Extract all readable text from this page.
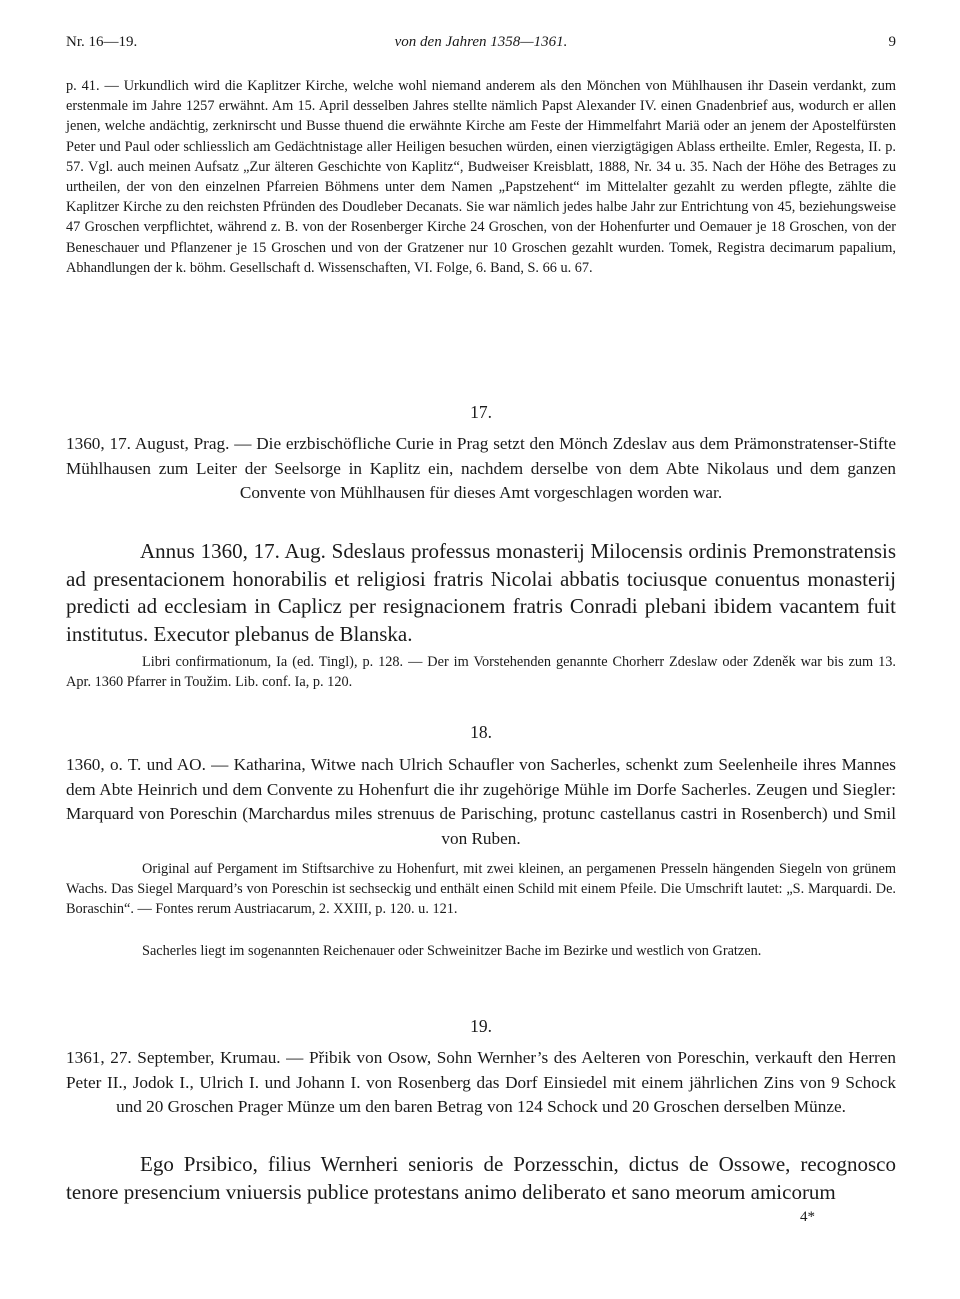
Nr. 16—19.	von den Jahren 1358—1361.	9

p. 41. — Urkundlich wird die Kaplitzer Kirche, welche wohl niemand anderem als den Mönchen von Mühlhausen ihr Dasein verdankt, zum erstenmale im Jahre 1257 erwähnt. Am 15. April desselben Jahres stellte nämlich Papst Alexander IV. einen Gnadenbrief aus, wodurch er allen jenen, welche andächtig, zerknirscht und Busse thuend die erwähnte Kirche am Feste der Himmelfahrt Mariä oder an jenem der Apostelfürsten Peter und Paul oder schliesslich am Gedächtnistage aller Heiligen besuchen würden, einen vierzigtägigen Ablass ertheilte. Emler, Regesta, II. p. 57. Vgl. auch meinen Aufsatz „Zur älteren Geschichte von Kaplitz“, Budweiser Kreisblatt, 1888, Nr. 34 u. 35. Nach der Höhe des Betrages zu urtheilen, der von den einzelnen Pfarreien Böhmens unter dem Namen „Papstzehent“ im Mittelalter gezahlt zu werden pflegte, zählte die Kaplitzer Kirche zu den reichsten Pfründen des Doudleber Decanats. Sie war nämlich jedes halbe Jahr zur Entrichtung von 45, beziehungsweise 47 Groschen verpflichtet, während z. B. von der Rosenberger Kirche 24 Groschen, von der Hohenfurter und Oemauer je 18 Groschen, von der Beneschauer und Pflanzener je 15 Groschen und von der Gratzener nur 10 Groschen gezahlt wurden. Tomek, Registra decimarum papalium, Abhandlungen der k. böhm. Gesellschaft d. Wissenschaften, VI. Folge, 6. Band, S. 66 u. 67.

17.

1360, 17. August, Prag. — Die erzbischöfliche Curie in Prag setzt den Mönch Zdeslav aus dem Prämonstratenser-Stifte Mühlhausen zum Leiter der Seelsorge in Kaplitz ein, nachdem derselbe von dem Abte Nikolaus und dem ganzen Convente von Mühlhausen für dieses Amt vorgeschlagen worden war.

Annus 1360, 17. Aug. Sdeslaus professus monasterij Milocensis ordinis Premonstratensis ad presentacionem honorabilis et religiosi fratris Nicolai abbatis tociusque conuentus monasterij predicti ad ecclesiam in Caplicz per resignacionem fratris Conradi plebani ibidem vacantem fuit institutus. Executor plebanus de Blanska.

Libri confirmationum, Ia (ed. Tingl), p. 128. — Der im Vorstehenden genannte Chorherr Zdeslaw oder Zdeněk war bis zum 13. Apr. 1360 Pfarrer in Toužim. Lib. conf. Ia, p. 120.

18.

1360, o. T. und AO. — Katharina, Witwe nach Ulrich Schaufler von Sacherles, schenkt zum Seelenheile ihres Mannes dem Abte Heinrich und dem Convente zu Hohenfurt die ihr zugehörige Mühle im Dorfe Sacherles. Zeugen und Siegler: Marquard von Poreschin (Marchardus miles strenuus de Parisching, protunc castellanus castri in Rosenberch) und Smil von Ruben.

Original auf Pergament im Stiftsarchive zu Hohenfurt, mit zwei kleinen, an pergamenen Presseln hängenden Siegeln von grünem Wachs. Das Siegel Marquard’s von Poreschin ist sechseckig und enthält einen Schild mit einem Pfeile. Die Umschrift lautet: „S. Marquardi. De. Boraschin“. — Fontes rerum Austriacarum, 2. XXIII, p. 120. u. 121.

Sacherles liegt im sogenannten Reichenauer oder Schweinitzer Bache im Bezirke und westlich von Gratzen.

19.

1361, 27. September, Krumau. — Přibik von Osow, Sohn Wernher’s des Aelteren von Poreschin, verkauft den Herren Peter II., Jodok I., Ulrich I. und Johann I. von Rosenberg das Dorf Einsiedel mit einem jährlichen Zins von 9 Schock und 20 Groschen Prager Münze um den baren Betrag von 124 Schock und 20 Groschen derselben Münze.

Ego Prsibico, filius Wernheri senioris de Porzesschin, dictus de Ossowe, recognosco tenore presencium vniuersis publice protestans animo deliberato et sano meorum amicorum

4*
